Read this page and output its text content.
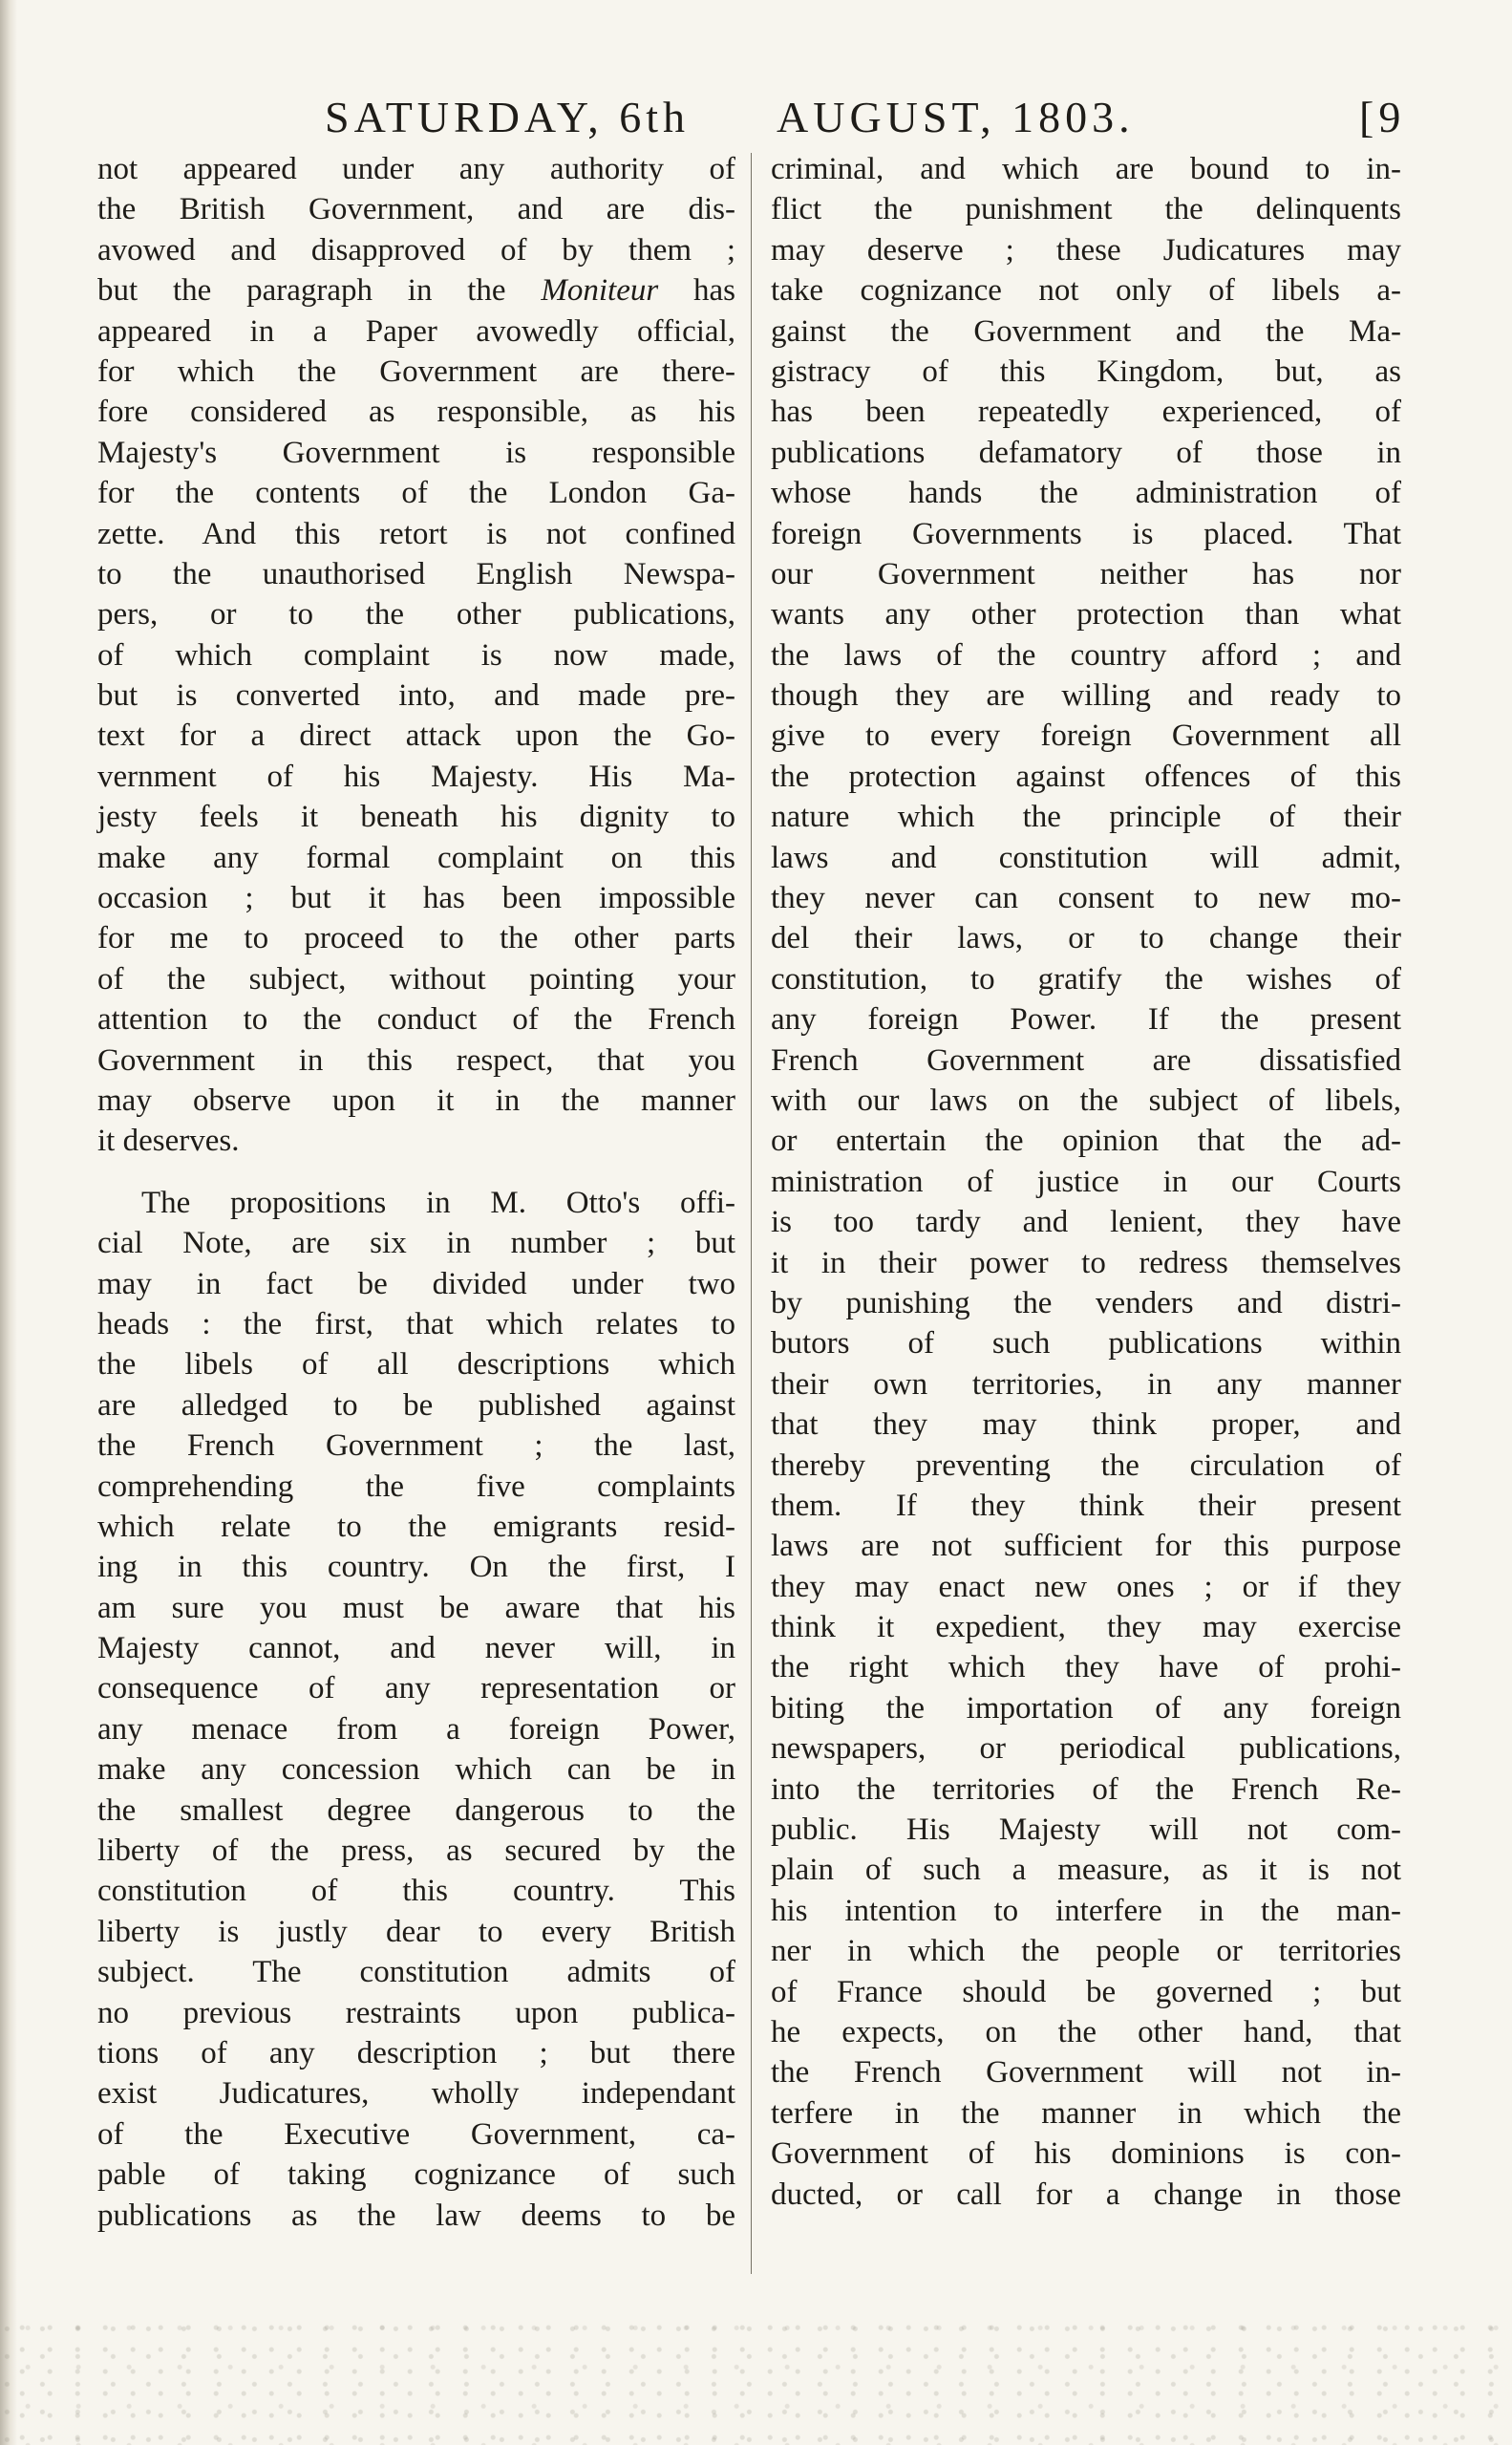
SATURDAY, 6th AUGUST, 1803.	[9
not appeared under any authority of
the British Government, and are dis-
avowed and disapproved of by them ;
but the paragraph in the Moniteur has
appeared in a Paper avowedly official,
for which the Government are there-
fore considered as responsible, as his
Majesty's Government is responsible
for the contents of the London Ga-
zette. And this retort is not confined
to the unauthorised English Newspa-
pers, or to the other publications,
of which complaint is now made,
but is converted into, and made pre-
text for a direct attack upon the Go-
vernment of his Majesty. His Ma-
jesty feels it beneath his dignity to
make any formal complaint on this
occasion ; but it has been impossible
for me to proceed to the other parts
of the subject, without pointing your
attention to the conduct of the French
Government in this respect, that you
may observe upon it in the manner
it deserves.
The propositions in M. Otto's offi-
cial Note, are six in number ; but
may in fact be divided under two
heads : the first, that which relates to
the libels of all descriptions which
are alledged to be published against
the French Government ; the last,
comprehending the five complaints
which relate to the emigrants resid-
ing in this country. On the first, I
am sure you must be aware that his
Majesty cannot, and never will, in
consequence of any representation or
any menace from a foreign Power,
make any concession which can be in
the smallest degree dangerous to the
liberty of the press, as secured by the
constitution of this country. This
liberty is justly dear to every British
subject. The constitution admits of
no previous restraints upon publica-
tions of any description ; but there
exist Judicatures, wholly independant
of the Executive Government, ca-
pable of taking cognizance of such
publications as the law deems to be
criminal, and which are bound to in-
flict the punishment the delinquents
may deserve ; these Judicatures may
take cognizance not only of libels a-
gainst the Government and the Ma-
gistracy of this Kingdom, but, as
has been repeatedly experienced, of
publications defamatory of those in
whose hands the administration of
foreign Governments is placed. That
our Government neither has nor
wants any other protection than what
the laws of the country afford ; and
though they are willing and ready to
give to every foreign Government all
the protection against offences of this
nature which the principle of their
laws and constitution will admit,
they never can consent to new mo-
del their laws, or to change their
constitution, to gratify the wishes of
any foreign Power. If the present
French Government are dissatisfied
with our laws on the subject of libels,
or entertain the opinion that the ad-
ministration of justice in our Courts
is too tardy and lenient, they have
it in their power to redress themselves
by punishing the venders and distri-
butors of such publications within
their own territories, in any manner
that they may think proper, and
thereby preventing the circulation of
them. If they think their present
laws are not sufficient for this purpose
they may enact new ones ; or if they
think it expedient, they may exercise
the right which they have of prohi-
biting the importation of any foreign
newspapers, or periodical publications,
into the territories of the French Re-
public. His Majesty will not com-
plain of such a measure, as it is not
his intention to interfere in the man-
ner in which the people or territories
of France should be governed ; but
he expects, on the other hand, that
the French Government will not in-
terfere in the manner in which the
Government of his dominions is con-
ducted, or call for a change in those
